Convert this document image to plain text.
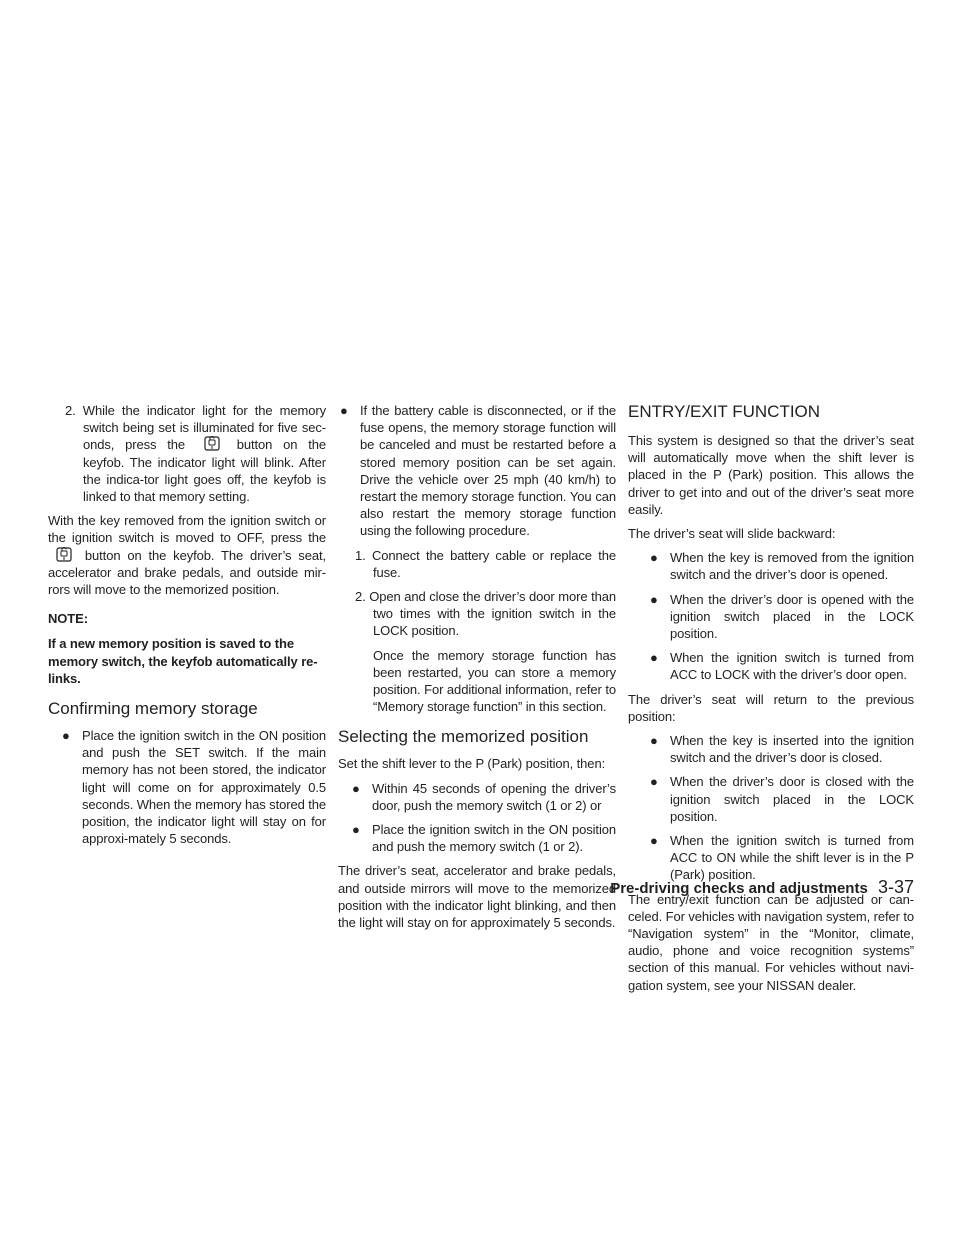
2. While the indicator light for the memory switch being set is illuminated for five sec-onds, press the	button on the keyfob. The indicator light will blink. After the indica-tor light goes off, the keyfob is linked to that memory setting.

With the key removed from the ignition switch or the ignition switch is moved to OFF, press the  button on the keyfob. The driver’s seat, accelerator and brake pedals, and outside mir-rors will move to the memorized position.

NOTE:

If a new memory position is saved to the memory switch, the keyfob automatically re-links.

Confirming memory storage
● Place the ignition switch in the ON position and push the SET switch. If the main memory has not been stored, the indicator light will come on for approximately 0.5 seconds. When the memory has stored the position, the indicator light will stay on for approxi-mately 5 seconds.
● If the battery cable is disconnected, or if the fuse opens, the memory storage function will be canceled and must be restarted before a stored memory position can be set again. Drive the vehicle over 25 mph (40 km/h) to restart the memory storage function. You can also restart the memory storage function using the following procedure.

1. Connect the battery cable or replace the fuse.

2. Open and close the driver’s door more than two times with the ignition switch in the LOCK position.

Once the memory storage function has been restarted, you can store a memory position. For additional information, refer to “Memory storage function” in this section.

Selecting the memorized position

Set the shift lever to the P (Park) position, then:

● Within 45 seconds of opening the driver’s door, push the memory switch (1 or 2) or
● Place the ignition switch in the ON position and push the memory switch (1 or 2).

The driver’s seat, accelerator and brake pedals, and outside mirrors will move to the memorized position with the indicator light blinking, and then the light will stay on for approximately 5 seconds.

ENTRY/EXIT FUNCTION

This system is designed so that the driver’s seat will automatically move when the shift lever is placed in the P (Park) position. This allows the driver to get into and out of the driver’s seat more easily.

The driver’s seat will slide backward:

● When the key is removed from the ignition switch and the driver’s door is opened.
● When the driver’s door is opened with the ignition switch placed in the LOCK position.
● When the ignition switch is turned from ACC to LOCK with the driver’s door open.

The driver’s seat will return to the previous position:

● When the key is inserted into the ignition switch and the driver’s door is closed.
● When the driver’s door is closed with the ignition switch placed in the LOCK position.
● When the ignition switch is turned from ACC to ON while the shift lever is in the P (Park) position.

The entry/exit function can be adjusted or can-celed. For vehicles with navigation system, refer to “Navigation system” in the “Monitor, climate, audio, phone and voice recognition systems” section of this manual. For vehicles without navi-gation system, see your NISSAN dealer.

Pre-driving checks and adjustments 3-37
